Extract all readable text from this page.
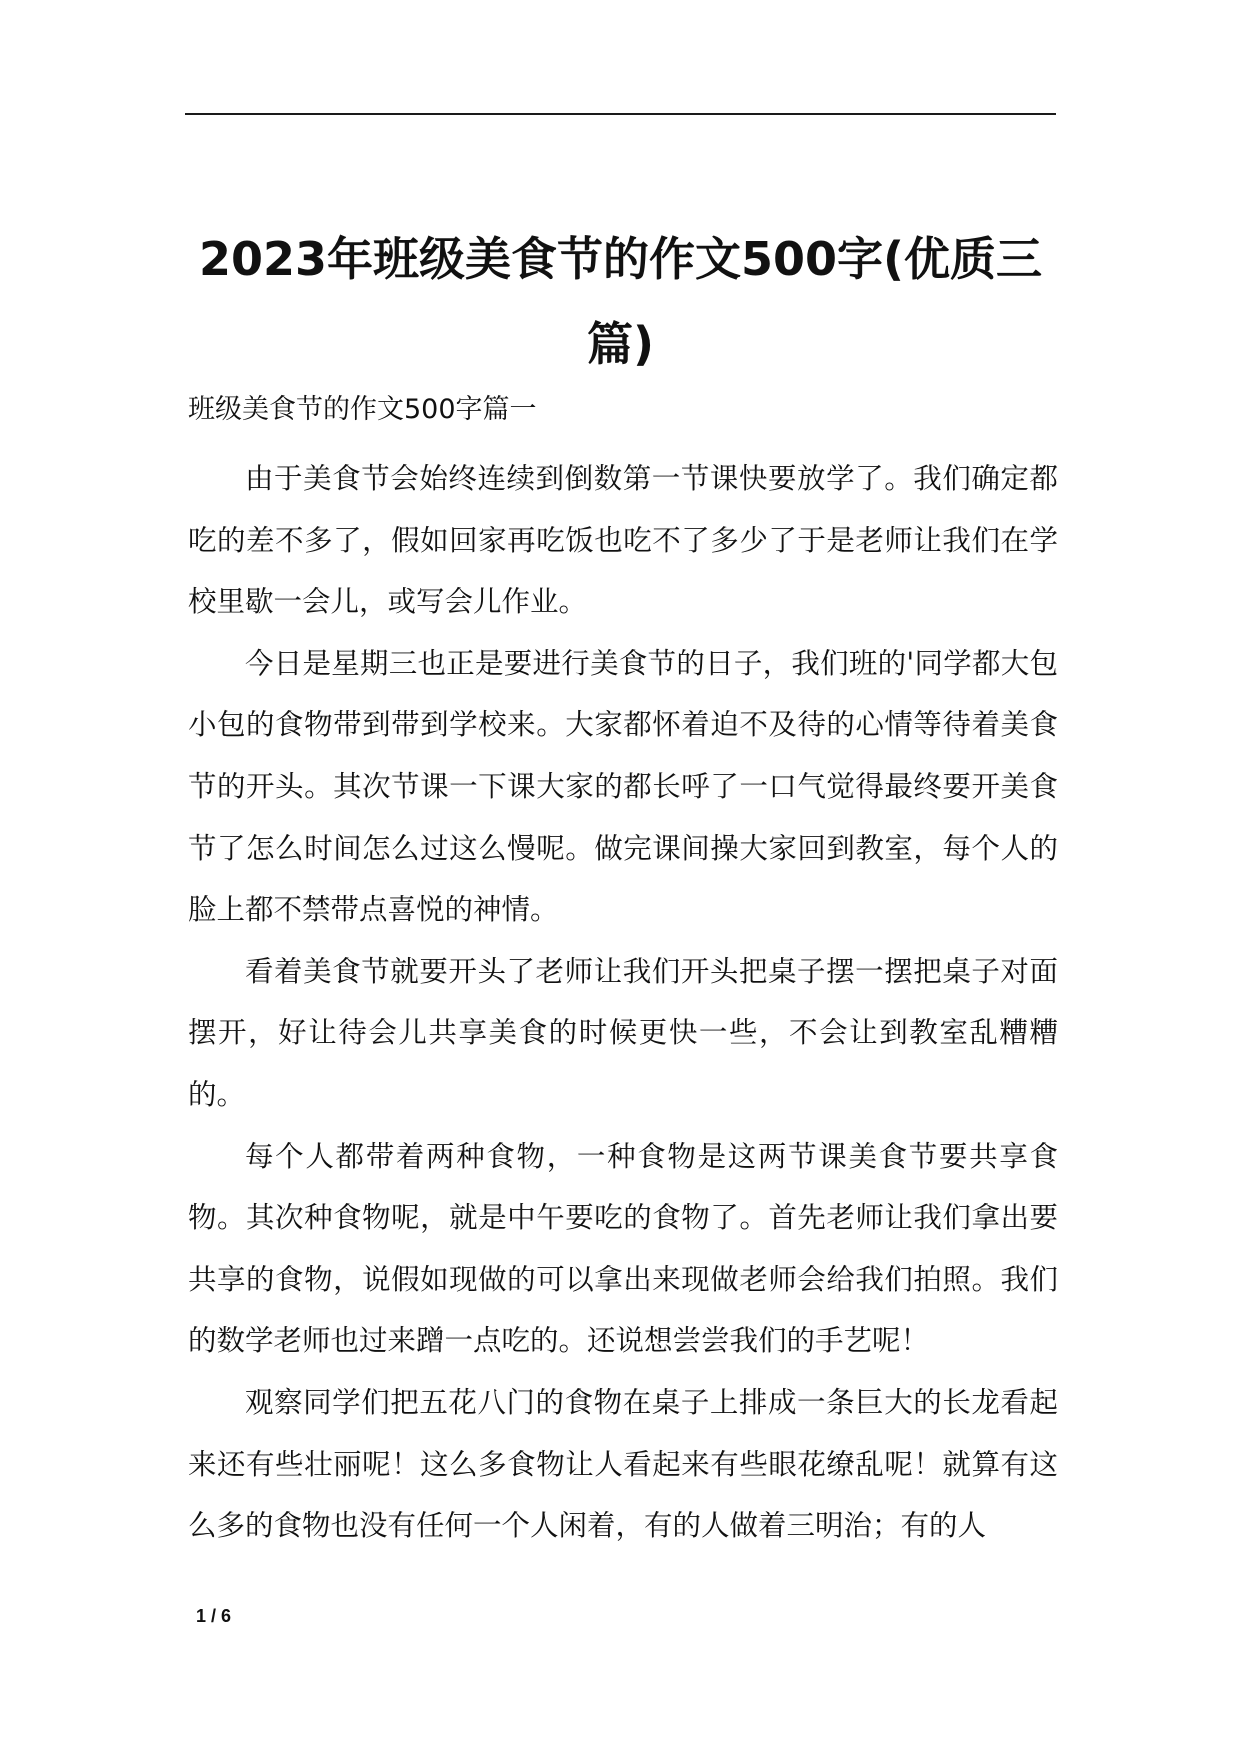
2023年班级美食节的作文500字(优质三篇)
班级美食节的作文500字篇一

由于美食节会始终连续到倒数第一节课快要放学了。我们确定都吃的差不多了，假如回家再吃饭也吃不了多少了于是老师让我们在学校里歇一会儿，或写会儿作业。

今日是星期三也正是要进行美食节的日子，我们班的'同学都大包小包的食物带到带到学校来。大家都怀着迫不及待的心情等待着美食节的开头。其次节课一下课大家的都长呼了一口气觉得最终要开美食节了怎么时间怎么过这么慢呢。做完课间操大家回到教室，每个人的脸上都不禁带点喜悦的神情。

看着美食节就要开头了老师让我们开头把桌子摆一摆把桌子对面摆开，好让待会儿共享美食的时候更快一些，不会让到教室乱糟糟的。

每个人都带着两种食物，一种食物是这两节课美食节要共享食物。其次种食物呢，就是中午要吃的食物了。首先老师让我们拿出要共享的食物，说假如现做的可以拿出来现做老师会给我们拍照。我们的数学老师也过来蹭一点吃的。还说想尝尝我们的手艺呢！

观察同学们把五花八门的食物在桌子上排成一条巨大的长龙看起来还有些壮丽呢！这么多食物让人看起来有些眼花缭乱呢！就算有这么多的食物也没有任何一个人闲着，有的人做着三明治；有的人

1 / 6
